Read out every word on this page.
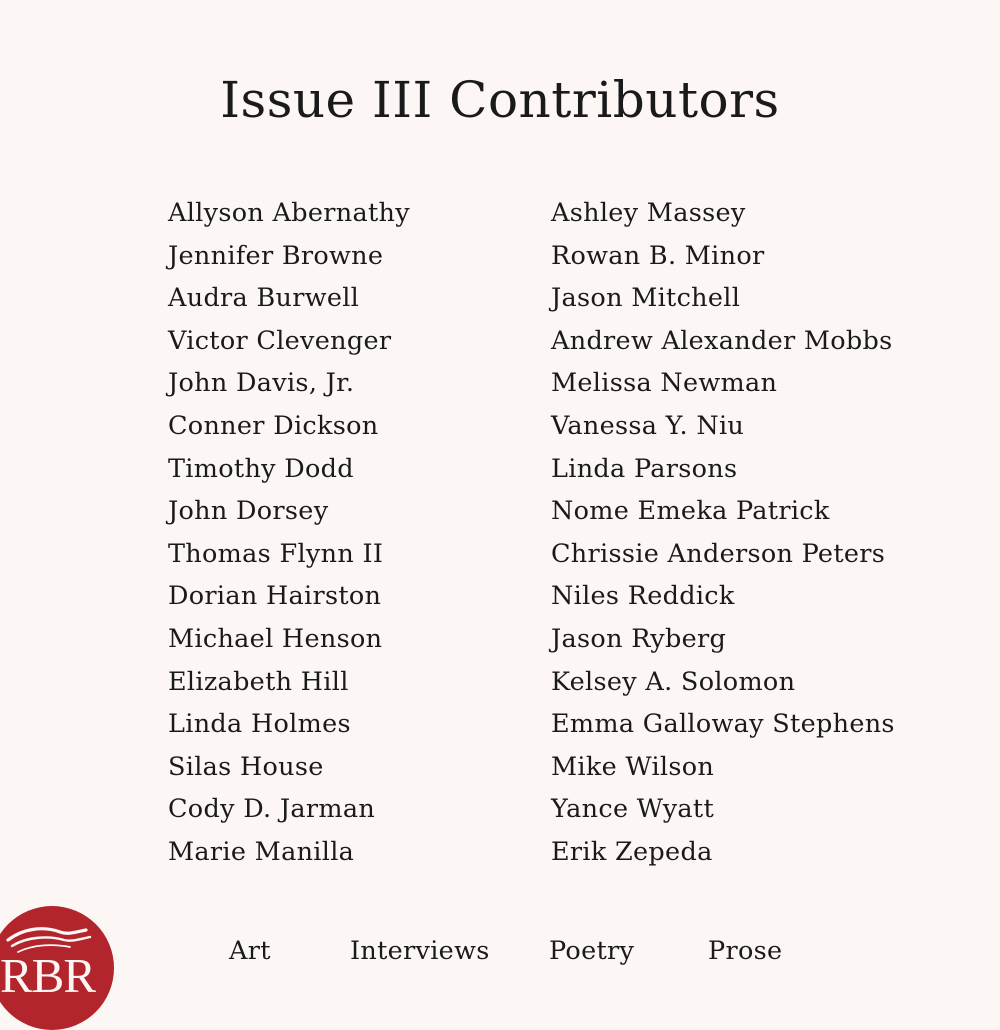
Issue III Contributors
Allyson Abernathy
Jennifer Browne
Audra Burwell
Victor Clevenger
John Davis, Jr.
Conner Dickson
Timothy Dodd
John Dorsey
Thomas Flynn II
Dorian Hairston
Michael Henson
Elizabeth Hill
Linda Holmes
Silas House
Cody D. Jarman
Marie Manilla
Ashley Massey
Rowan B. Minor
Jason Mitchell
Andrew Alexander Mobbs
Melissa Newman
Vanessa Y. Niu
Linda Parsons
Nome Emeka Patrick
Chrissie Anderson Peters
Niles Reddick
Jason Ryberg
Kelsey A. Solomon
Emma Galloway Stephens
Mike Wilson
Yance Wyatt
Erik Zepeda
Art	Interviews Poetry	Prose
RBR
